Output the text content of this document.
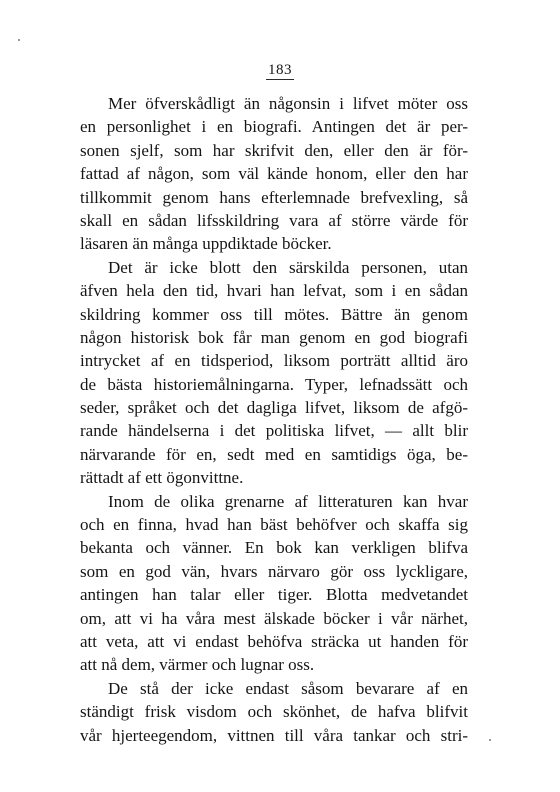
183
Mer öfverskådligt än någonsin i lifvet möter oss
en personlighet i en biografi. Antingen det är per-
sonen sjelf, som har skrifvit den, eller den är för-
fattad af någon, som väl kände honom, eller den har
tillkommit genom hans efterlemnade brefvexling, så
skall en sådan lifsskildring vara af större värde för
läsaren än många uppdiktade böcker.
Det är icke blott den särskilda personen, utan
äfven hela den tid, hvari han lefvat, som i en sådan
skildring kommer oss till mötes. Bättre än genom
någon historisk bok får man genom en god biografi
intrycket af en tidsperiod, liksom porträtt alltid äro
de bästa historiemålningarna. Typer, lefnadssätt och
seder, språket och det dagliga lifvet, liksom de afgö-
rande händelserna i det politiska lifvet, — allt blir
närvarande för en, sedt med en samtidigs öga, be-
rättadt af ett ögonvittne.
Inom de olika grenarne af litteraturen kan hvar
och en finna, hvad han bäst behöfver och skaffa sig
bekanta och vänner. En bok kan verkligen blifva
som en god vän, hvars närvaro gör oss lyckligare,
antingen han talar eller tiger. Blotta medvetandet
om, att vi ha våra mest älskade böcker i vår närhet,
att veta, att vi endast behöfva sträcka ut handen för
att nå dem, värmer och lugnar oss.
De stå der icke endast såsom bevarare af en
ständigt frisk visdom och skönhet, de hafva blifvit
vår hjerteegendom, vittnen till våra tankar och stri-
